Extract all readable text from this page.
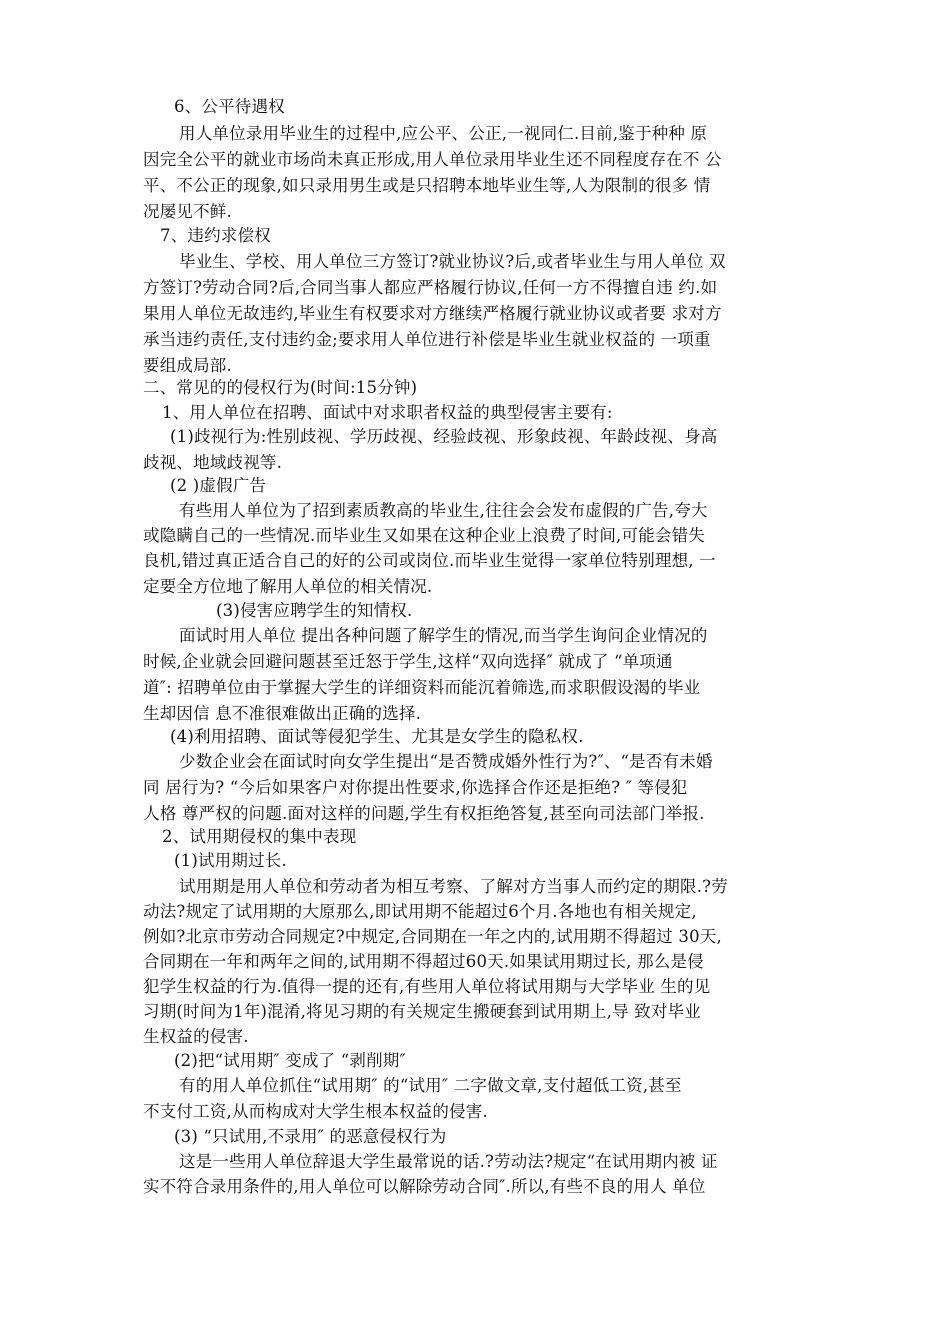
6、公平待遇权
用人单位录用毕业生的过程中,应公平、公正,一视同仁.目前,鉴于种种 原
因完全公平的就业市场尚未真正形成,用人单位录用毕业生还不同程度存在不 公
平、不公正的现象,如只录用男生或是只招聘本地毕业生等,人为限制的很多 情
况屡见不鲜.
7、违约求偿权
毕业生、学校、用人单位三方签订?就业协议?后,或者毕业生与用人单位 双
方签订?劳动合同?后,合同当事人都应严格履行协议,任何一方不得擅自违 约.如
果用人单位无故违约,毕业生有权要求对方继续严格履行就业协议或者要 求对方
承当违约责任,支付违约金;要求用人单位进行补偿是毕业生就业权益的 一项重
要组成局部.
二、常见的的侵权行为(时间:15分钟)
1、用人单位在招聘、面试中对求职者权益的典型侵害主要有:
(1)歧视行为:性别歧视、学历歧视、经验歧视、形象歧视、年龄歧视、身高
歧视、地域歧视等.
(2 )虚假广告
有些用人单位为了招到素质教高的毕业生,往往会会发布虚假的广告,夸大
或隐瞒自己的一些情况.而毕业生又如果在这种企业上浪费了时间,可能会错失
良机,错过真正适合自己的好的公司或岗位.而毕业生觉得一家单位特别理想, 一
定要全方位地了解用人单位的相关情况.
(3)侵害应聘学生的知情权.
面试时用人单位 提出各种问题了解学生的情况,而当学生询问企业情况的
时候,企业就会回避问题甚至迁怒于学生,这样“双向选择″ 就成了 “单项通
道″: 招聘单位由于掌握大学生的详细资料而能沉着筛选,而求职假设渴的毕业
生却因信 息不准很难做出正确的选择.
(4)利用招聘、面试等侵犯学生、尤其是女学生的隐私权.
少数企业会在面试时向女学生提出“是否赞成婚外性行为?″、“是否有未婚
同 居行为? “今后如果客户对你提出性要求,你选择合作还是拒绝? ″ 等侵犯
人格 尊严权的问题.面对这样的问题,学生有权拒绝答复,甚至向司法部门举报.
2、试用期侵权的集中表现
(1)试用期过长.
试用期是用人单位和劳动者为相互考察、了解对方当事人而约定的期限.?劳
动法?规定了试用期的大原那么,即试用期不能超过6个月.各地也有相关规定,
例如?北京市劳动合同规定?中规定,合同期在一年之内的,试用期不得超过 30天,
合同期在一年和两年之间的,试用期不得超过60天.如果试用期过长, 那么是侵
犯学生权益的行为.值得一提的还有,有些用人单位将试用期与大学毕业 生的见
习期(时间为1年)混淆,将见习期的有关规定生搬硬套到试用期上,导 致对毕业
生权益的侵害.
(2)把“试用期″ 变成了 “剥削期″
有的用人单位抓住“试用期″ 的“试用″ 二字做文章,支付超低工资,甚至
不支付工资,从而构成对大学生根本权益的侵害.
(3) “只试用,不录用″ 的恶意侵权行为
这是一些用人单位辞退大学生最常说的话.?劳动法?规定“在试用期内被 证
实不符合录用条件的,用人单位可以解除劳动合同″.所以,有些不良的用人 单位
